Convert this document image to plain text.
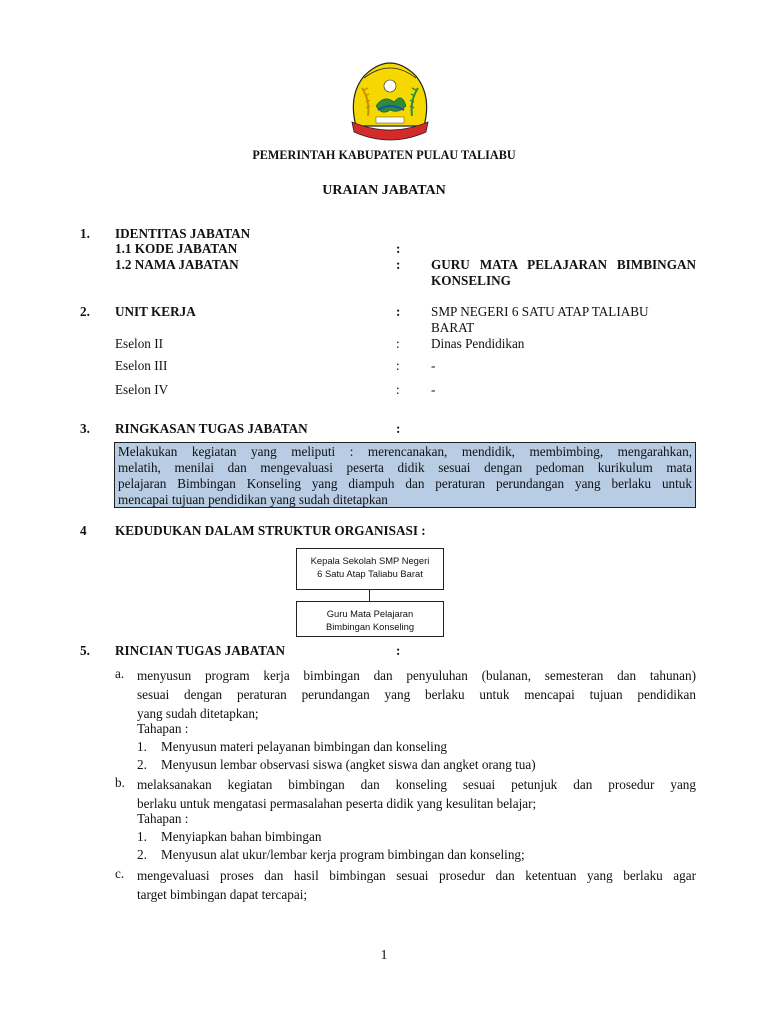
PEMERINTAH KABUPATEN PULAU TALIABU
URAIAN JABATAN
1. IDENTITAS JABATAN
1.1 KODE JABATAN	:
1.2 NAMA JABATAN	: GURU MATA PELAJARAN BIMBINGAN
KONSELING
2. UNIT KERJA	: SMP NEGERI 6 SATU ATAP TALIABU
BARAT
Eselon II	: Dinas Pendidikan
Eselon III	: -
Eselon IV	: -
3. RINGKASAN TUGAS JABATAN	:
Melakukan kegiatan yang meliputi : merencanakan, mendidik, membimbing, mengarahkan,
melatih, menilai dan mengevaluasi peserta didik sesuai dengan pedoman kurikulum mata
pelajaran Bimbingan Konseling yang diampuh dan peraturan perundangan yang berlaku untuk
mencapai tujuan pendidikan yang sudah ditetapkan
4 KEDUDUKAN DALAM STRUKTUR ORGANISASI :
Kepala Sekolah SMP Negeri
6 Satu Atap Taliabu Barat
Guru Mata Pelajaran
Bimbingan Konseling
5. RINCIAN TUGAS JABATAN	:
a. menyusun program kerja bimbingan dan penyuluhan (bulanan, semesteran dan tahunan)
sesuai dengan peraturan perundangan yang berlaku untuk mencapai tujuan pendidikan
yang sudah ditetapkan;
Tahapan :
1. Menyusun materi pelayanan bimbingan dan konseling
2. Menyusun lembar observasi siswa (angket siswa dan angket orang tua)
b. melaksanakan kegiatan bimbingan dan konseling sesuai petunjuk dan prosedur yang
berlaku untuk mengatasi permasalahan peserta didik yang kesulitan belajar;
Tahapan :
1. Menyiapkan bahan bimbingan
2. Menyusun alat ukur/lembar kerja program bimbingan dan konseling;
c. mengevaluasi proses dan hasil bimbingan sesuai prosedur dan ketentuan yang berlaku agar
target bimbingan dapat tercapai;
1
